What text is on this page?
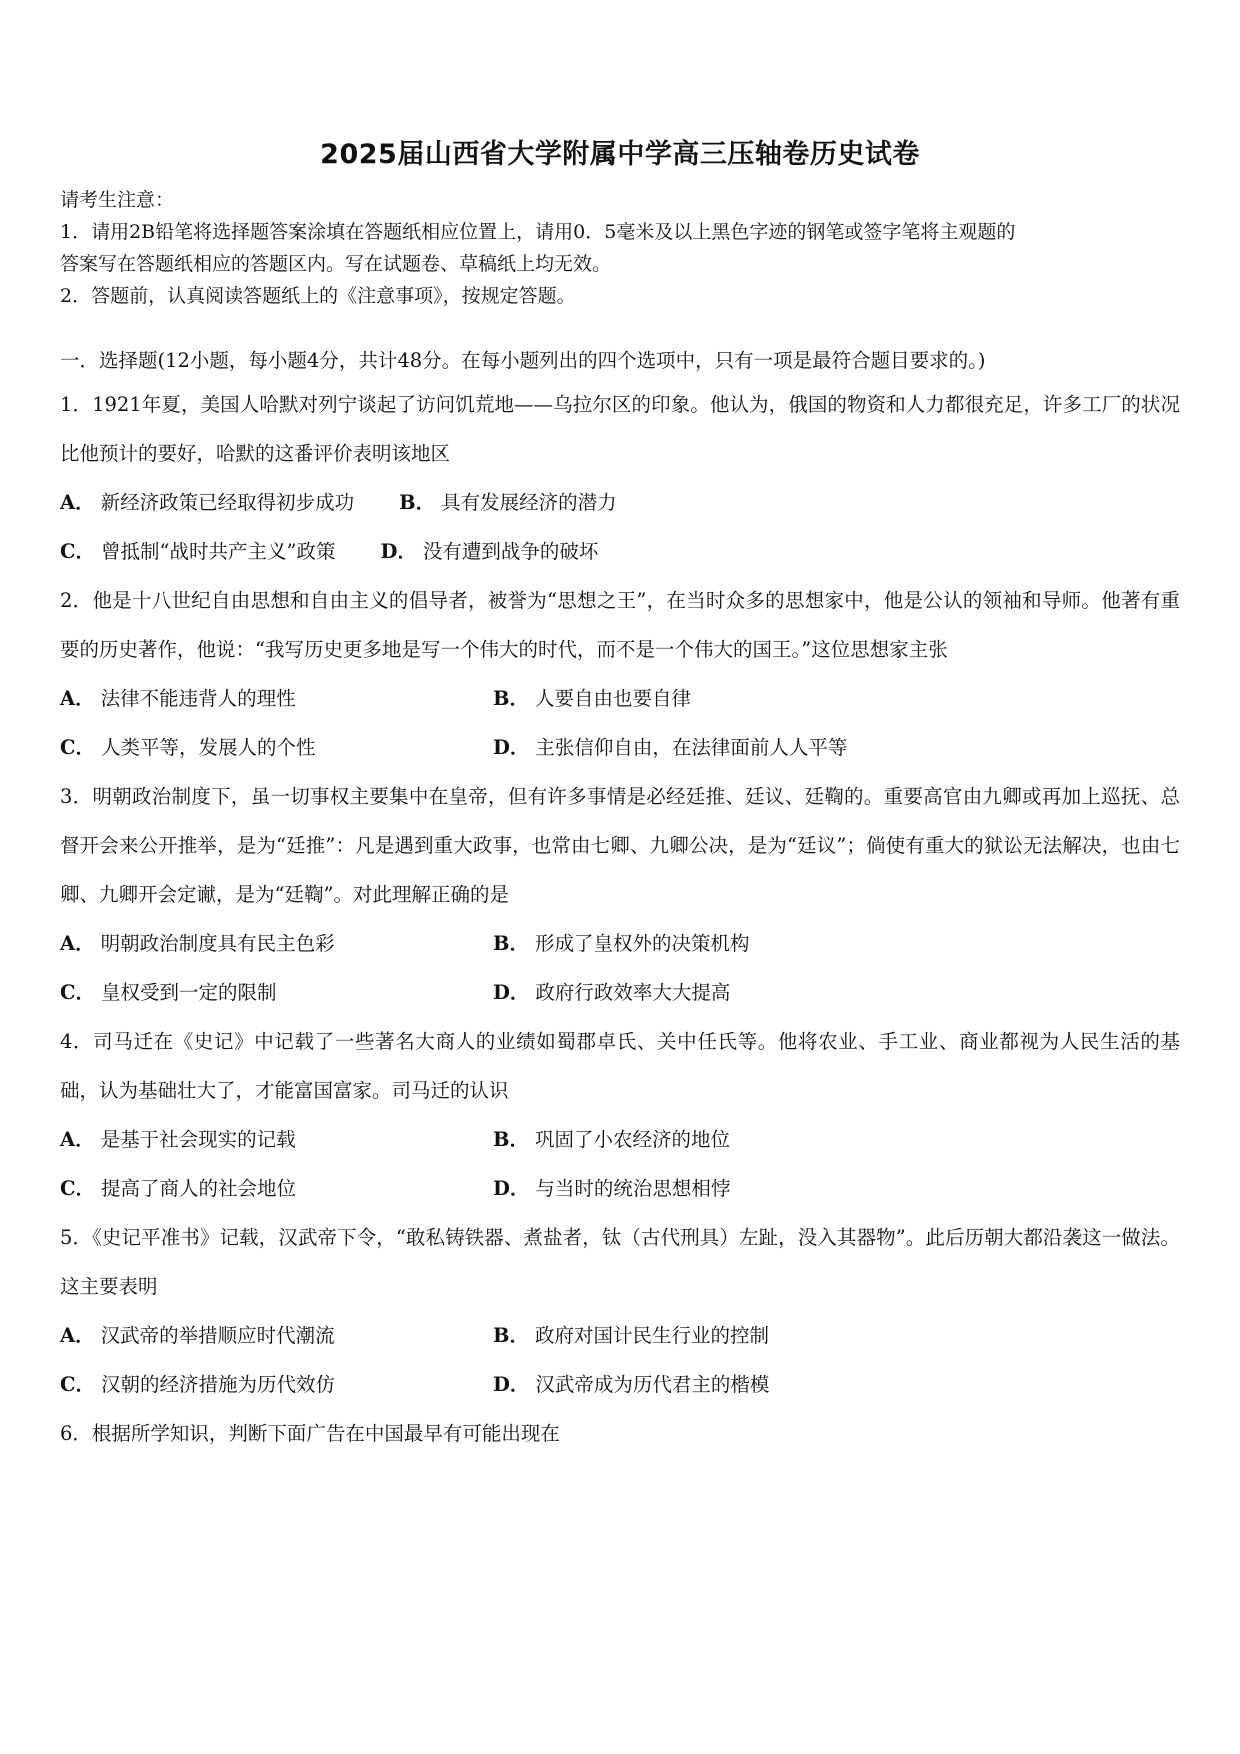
2025届山西省大学附属中学高三压轴卷历史试卷
请考生注意：
1．请用2B铅笔将选择题答案涂填在答题纸相应位置上，请用0．5毫米及以上黑色字迹的钢笔或签字笔将主观题的
答案写在答题纸相应的答题区内。写在试题卷、草稿纸上均无效。
2．答题前，认真阅读答题纸上的《注意事项》，按规定答题。
一．选择题(12小题，每小题4分，共计48分。在每小题列出的四个选项中，只有一项是最符合题目要求的。)
1．1921年夏，美国人哈默对列宁谈起了访问饥荒地——乌拉尔区的印象。他认为，俄国的物资和人力都很充足，许多工厂的状况比他预计的要好，哈默的这番评价表明该地区
A． 新经济政策已经取得初步成功 B． 具有发展经济的潜力
C． 曾抵制“战时共产主义”政策 D． 没有遭到战争的破坏
2．他是十八世纪自由思想和自由主义的倡导者，被誉为“思想之王”，在当时众多的思想家中，他是公认的领袖和导师。他著有重要的历史著作，他说：“我写历史更多地是写一个伟大的时代，而不是一个伟大的国王。”这位思想家主张
A． 法律不能违背人的理性	B． 人要自由也要自律
C． 人类平等，发展人的个性	D． 主张信仰自由，在法律面前人人平等
3．明朝政治制度下，虽一切事权主要集中在皇帝，但有许多事情是必经廷推、廷议、廷鞫的。重要高官由九卿或再加上巡抚、总督开会来公开推举，是为“廷推”：凡是遇到重大政事，也常由七卿、九卿公决，是为“廷议”；倘使有重大的狱讼无法解决，也由七卿、九卿开会定谳，是为“廷鞫”。对此理解正确的是
A． 明朝政治制度具有民主色彩	B． 形成了皇权外的决策机构
C． 皇权受到一定的限制	D． 政府行政效率大大提高
4．司马迁在《史记》中记载了一些著名大商人的业绩如蜀郡卓氏、关中任氏等。他将农业、手工业、商业都视为人民生活的基础，认为基础壮大了，才能富国富家。司马迁的认识
A． 是基于社会现实的记载	B． 巩固了小农经济的地位
C． 提高了商人的社会地位	D． 与当时的统治思想相悖
5．《史记平准书》记载，汉武帝下令，“敢私铸铁器、煮盐者，钛（古代刑具）左趾，没入其器物”。此后历朝大都沿袭这一做法。这主要表明
A． 汉武帝的举措顺应时代潮流	B． 政府对国计民生行业的控制
C． 汉朝的经济措施为历代效仿	D． 汉武帝成为历代君主的楷模
6．根据所学知识，判断下面广告在中国最早有可能出现在
